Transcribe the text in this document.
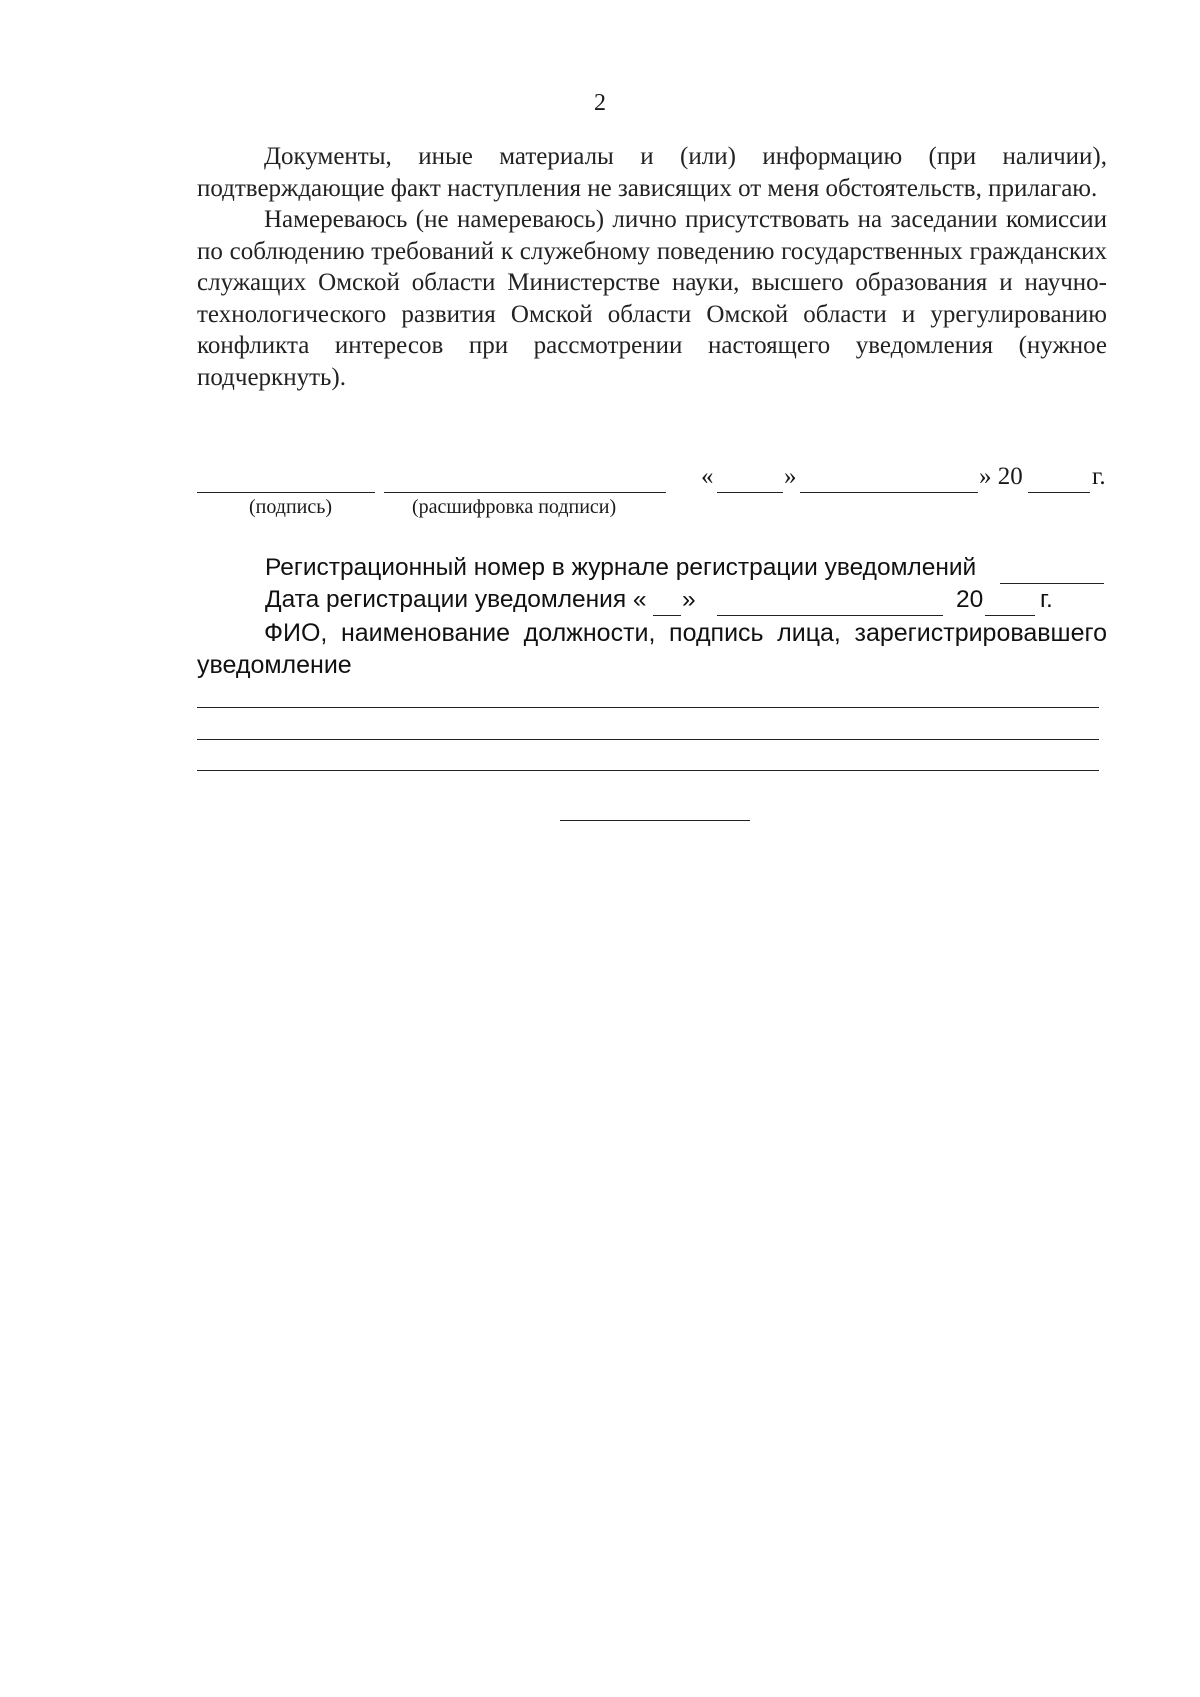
2

Документы, иные материалы и (или) информацию (при наличии), подтверждающие факт наступления не зависящих от меня обстоятельств, прилагаю.

Намереваюсь (не намереваюсь) лично присутствовать на заседании комиссии по соблюдению требований к служебному поведению государственных гражданских служащих Омской области Министерстве науки, высшего образования и научно-технологического развития Омской области Омской области и урегулированию конфликта интересов при рассмотрении настоящего уведомления (нужное подчеркнуть).

«	»	» 20	г.
(подпись)	(расшифровка подписи)
Регистрационный номер в журнале регистрации уведомлений
Дата регистрации уведомления « »	20 г.

ФИО, наименование должности, подпись лица, зарегистрировавшего уведомление
